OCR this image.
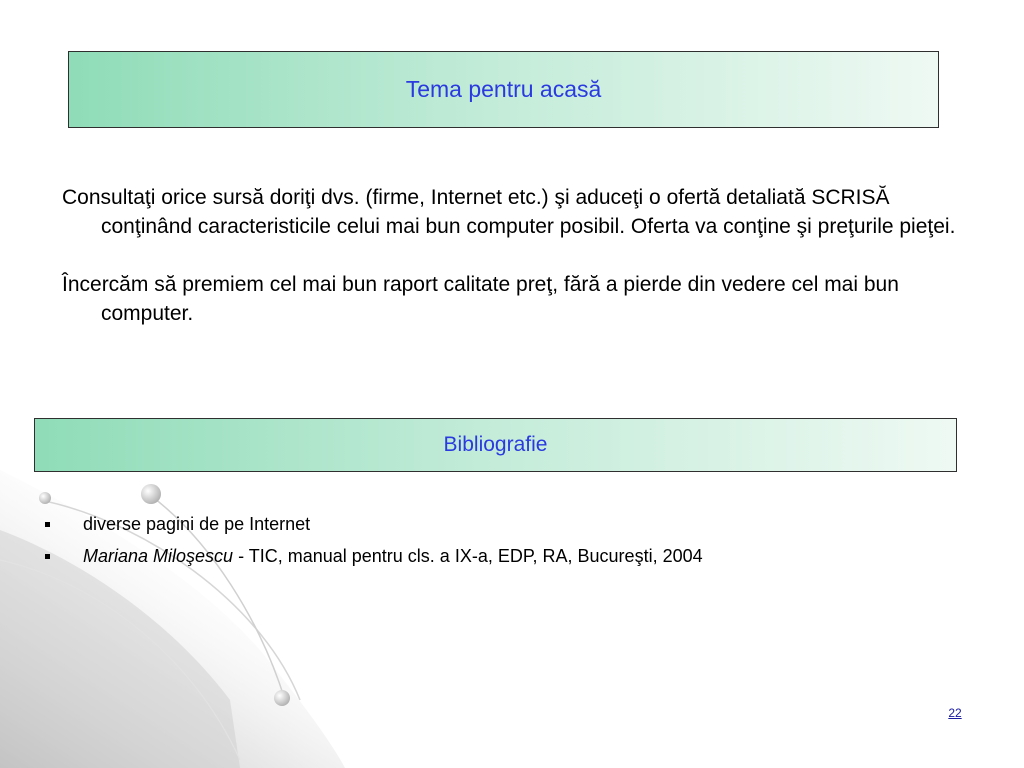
Tema pentru acasă

Consultaţi orice sursă doriţi dvs. (firme, Internet etc.) şi aduceţi o ofertă detaliată SCRISĂ conţinând caracteristicile celui mai bun computer posibil. Oferta va conţine şi preţurile pieţei.

Încercăm să premiem cel mai bun raport calitate preţ, fără a pierde din vedere cel mai bun computer.

Bibliografie
diverse pagini de pe Internet
Mariana Miloşescu - TIC, manual pentru cls. a IX-a, EDP, RA, Bucureşti, 2004
22
